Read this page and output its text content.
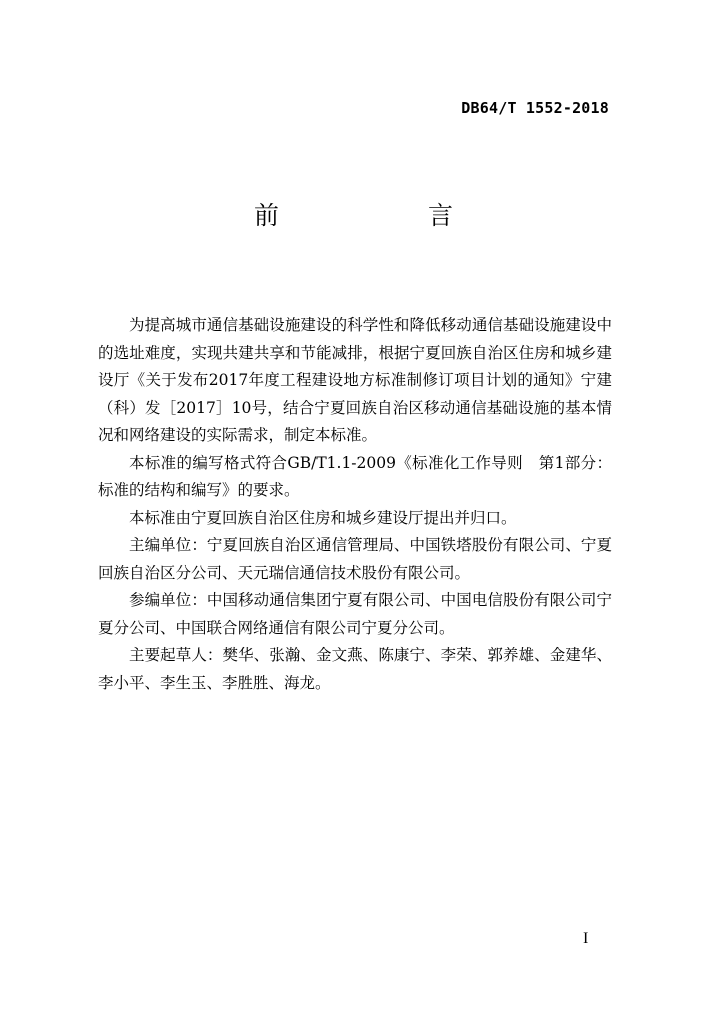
DB64/T 1552-2018
前　言

为提高城市通信基础设施建设的科学性和降低移动通信基础设施建设中的选址难度，实现共建共享和节能减排，根据宁夏回族自治区住房和城乡建设厅《关于发布2017年度工程建设地方标准制修订项目计划的通知》宁建（科）发［2017］10号，结合宁夏回族自治区移动通信基础设施的基本情况和网络建设的实际需求，制定本标准。

本标准的编写格式符合GB/T1.1-2009《标准化工作导则　第1部分：标准的结构和编写》的要求。

本标准由宁夏回族自治区住房和城乡建设厅提出并归口。

主编单位：宁夏回族自治区通信管理局、中国铁塔股份有限公司、宁夏回族自治区分公司、天元瑞信通信技术股份有限公司。

参编单位：中国移动通信集团宁夏有限公司、中国电信股份有限公司宁夏分公司、中国联合网络通信有限公司宁夏分公司。

主要起草人：樊华、张瀚、金文燕、陈康宁、李荣、郭养雄、金建华、李小平、李生玉、李胜胜、海龙。

I
